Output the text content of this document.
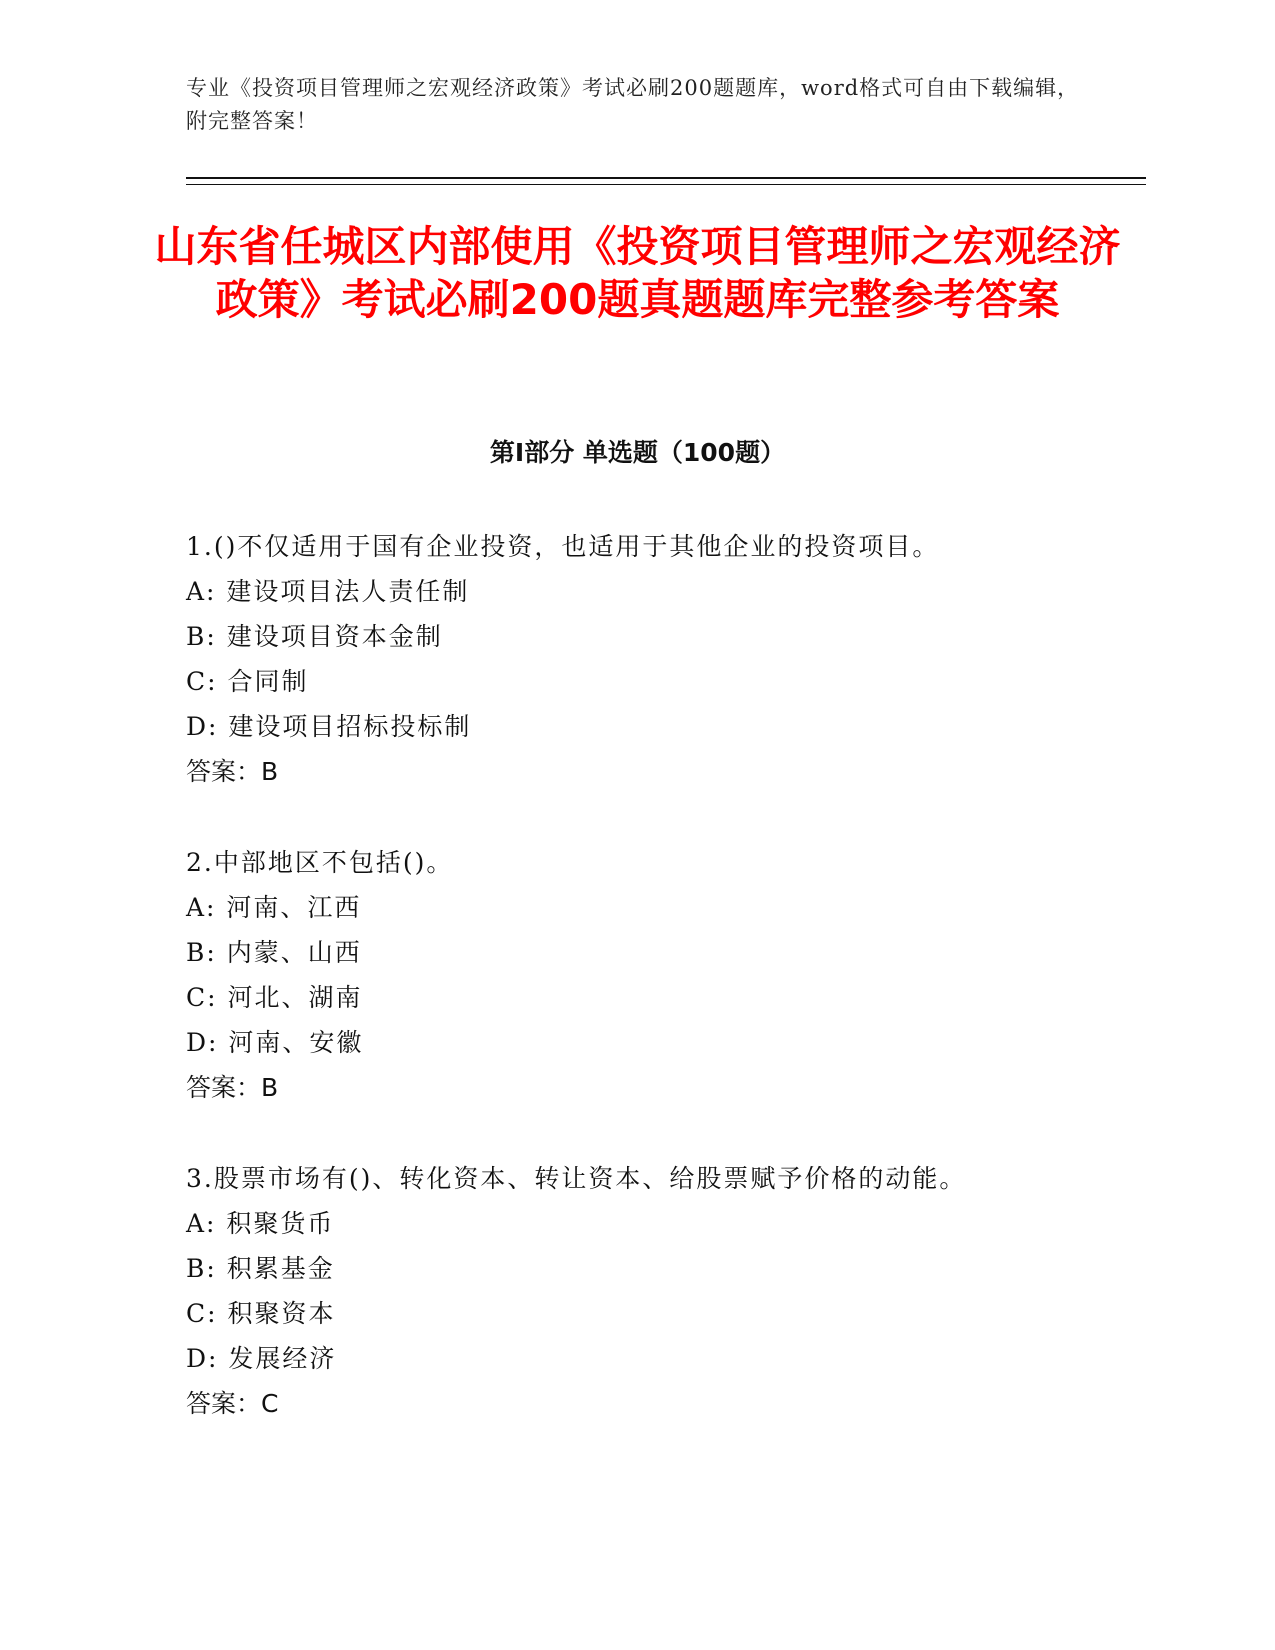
专业《投资项目管理师之宏观经济政策》考试必刷200题题库，word格式可自由下载编辑，附完整答案！
山东省任城区内部使用《投资项目管理师之宏观经济政策》考试必刷200题真题题库完整参考答案
第Ⅰ部分 单选题（100题）
1.()不仅适用于国有企业投资，也适用于其他企业的投资项目。
A: 建设项目法人责任制
B: 建设项目资本金制
C: 合同制
D: 建设项目招标投标制
答案：B
2.中部地区不包括()。
A: 河南、江西
B: 内蒙、山西
C: 河北、湖南
D: 河南、安徽
答案：B
3.股票市场有()、转化资本、转让资本、给股票赋予价格的动能。
A: 积聚货币
B: 积累基金
C: 积聚资本
D: 发展经济
答案：C
